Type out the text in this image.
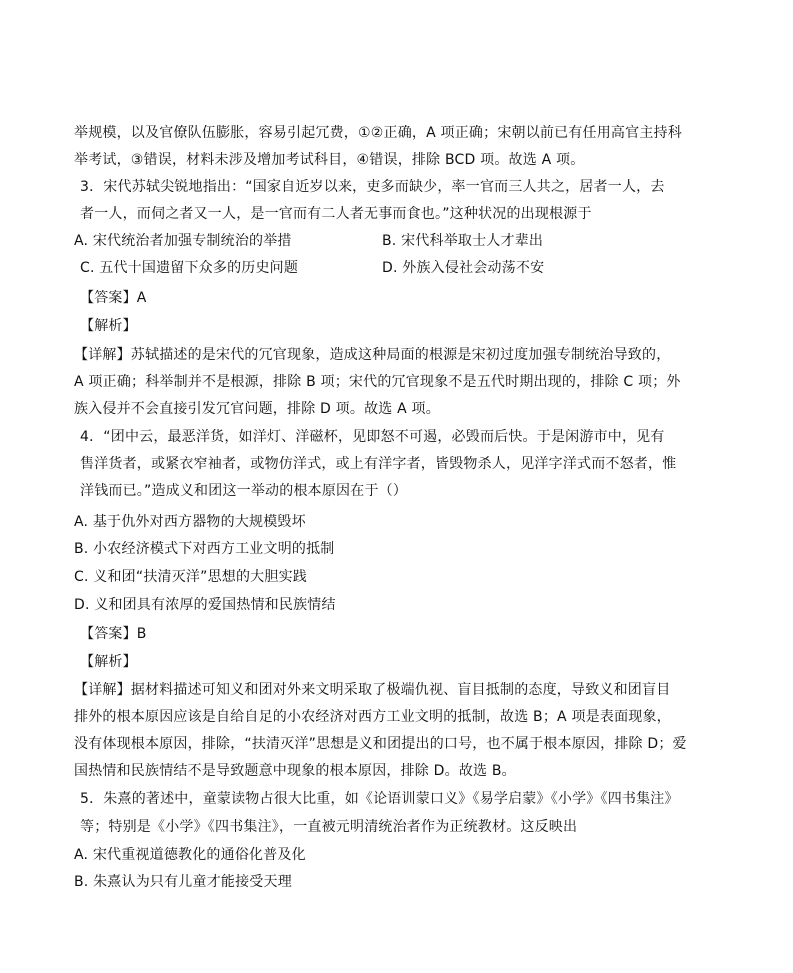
举规模，以及官僚队伍膨胀，容易引起冗费，①②正确，A 项正确；宋朝以前已有任用高官主持科
举考试，③错误，材料未涉及增加考试科目，④错误，排除 BCD 项。故选 A 项。
3．宋代苏轼尖锐地指出：“国家自近岁以来，吏多而缺少，率一官而三人共之，居者一人，去
者一人，而伺之者又一人，是一官而有二人者无事而食也。”这种状况的出现根源于
A. 宋代统治者加强专制统治的举措	B. 宋代科举取士人才辈出
C. 五代十国遗留下众多的历史问题	D. 外族入侵社会动荡不安
【答案】A
【解析】
【详解】苏轼描述的是宋代的冗官现象，造成这种局面的根源是宋初过度加强专制统治导致的，
A 项正确；科举制并不是根源，排除 B 项；宋代的冗官现象不是五代时期出现的，排除 C 项；外
族入侵并不会直接引发冗官问题，排除 D 项。故选 A 项。
4．“团中云，最恶洋货，如洋灯、洋磁杯，见即怒不可遏，必毁而后快。于是闲游市中，见有
售洋货者，或紧衣窄袖者，或物仿洋式，或上有洋字者，皆毁物杀人，见洋字洋式而不怒者，惟
洋钱而已。”造成义和团这一举动的根本原因在于（）
A. 基于仇外对西方器物的大规模毁坏
B. 小农经济模式下对西方工业文明的抵制
C. 义和团“扶清灭洋”思想的大胆实践
D. 义和团具有浓厚的爱国热情和民族情结
【答案】B
【解析】
【详解】据材料描述可知义和团对外来文明采取了极端仇视、盲目抵制的态度，导致义和团盲目
排外的根本原因应该是自给自足的小农经济对西方工业文明的抵制，故选 B；A 项是表面现象，
没有体现根本原因，排除，“扶清灭洋”思想是义和团提出的口号，也不属于根本原因，排除 D；爱
国热情和民族情结不是导致题意中现象的根本原因，排除 D。故选 B。
5．朱熹的著述中，童蒙读物占很大比重，如《论语训蒙口义》《易学启蒙》《小学》《四书集注》
等；特别是《小学》《四书集注》，一直被元明清统治者作为正统教材。这反映出
A. 宋代重视道德教化的通俗化普及化
B. 朱熹认为只有儿童才能接受天理
